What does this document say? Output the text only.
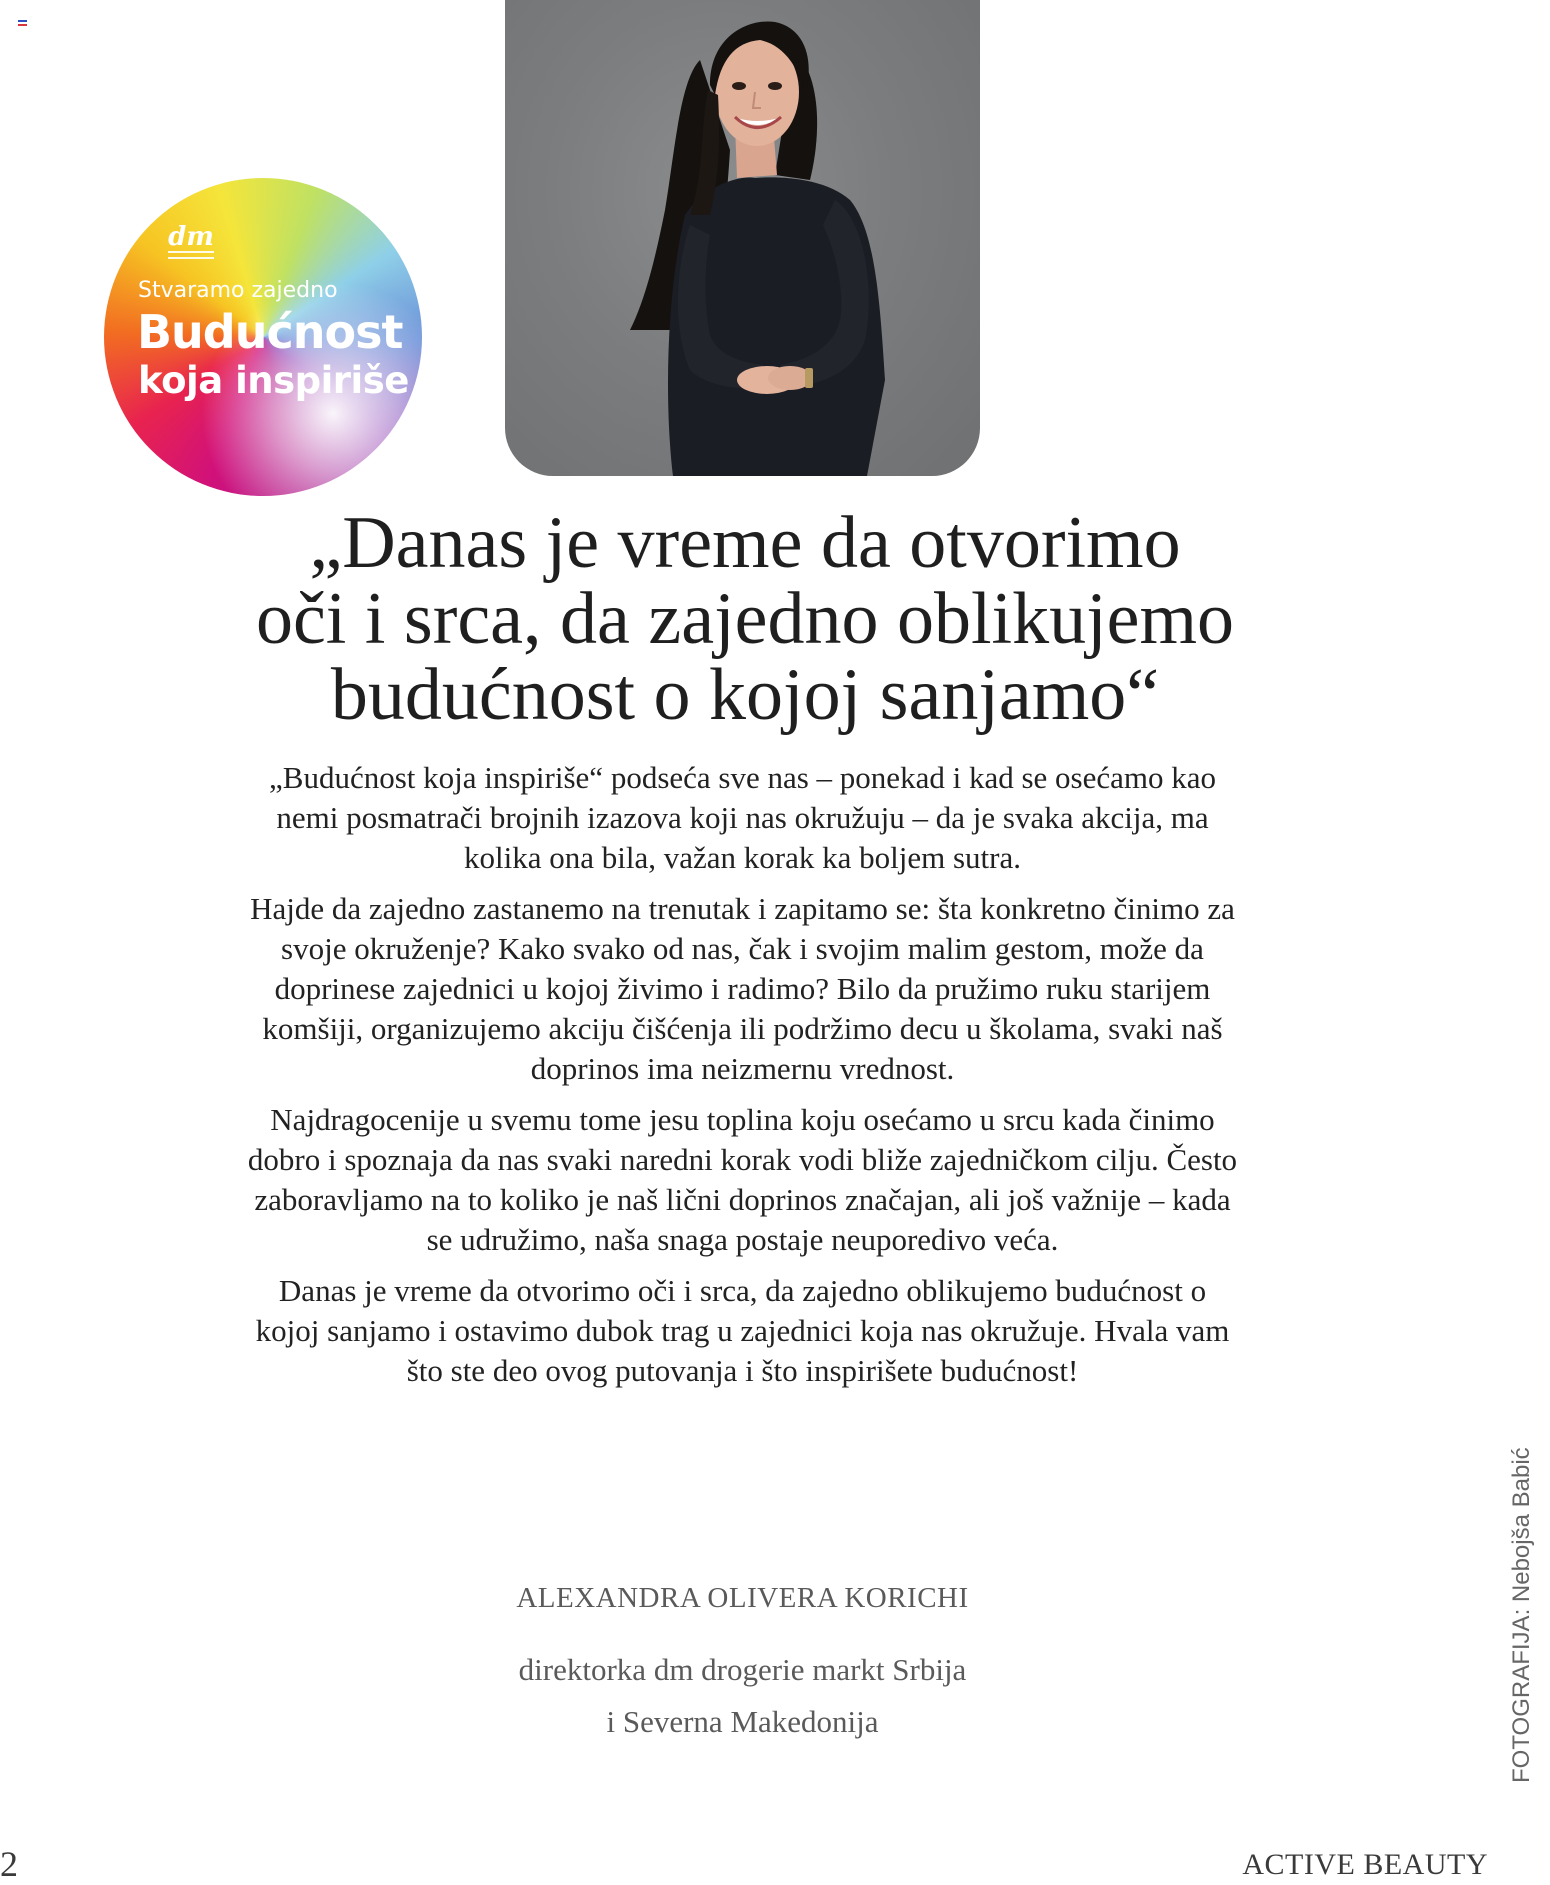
dm
Stvaramo zajedno
Budućnost
koja inspiriše
„Danas je vreme da otvorimo
oči i srca, da zajedno oblikujemo
budućnost o kojoj sanjamo“

„Budućnost koja inspiriše“ podseća sve nas – ponekad i kad se osećamo kao nemi posmatrači brojnih izazova koji nas okružuju – da je svaka akcija, ma kolika ona bila, važan korak ka boljem sutra.

Hajde da zajedno zastanemo na trenutak i zapitamo se: šta konkretno činimo za svoje okruženje? Kako svako od nas, čak i svojim malim gestom, može da doprinese zajednici u kojoj živimo i radimo? Bilo da pružimo ruku starijem komšiji, organizujemo akciju čišćenja ili podržimo decu u školama, svaki naš doprinos ima neizmernu vrednost.

Najdragocenije u svemu tome jesu toplina koju osećamo u srcu kada činimo dobro i spoznaja da nas svaki naredni korak vodi bliže zajedničkom cilju. Često zaboravljamo na to koliko je naš lični doprinos značajan, ali još važnije – kada se udružimo, naša snaga postaje neuporedivo veća.

Danas je vreme da otvorimo oči i srca, da zajedno oblikujemo budućnost o kojoj sanjamo i ostavimo dubok trag u zajednici koja nas okružuje. Hvala vam što ste deo ovog putovanja i što inspirišete budućnost!

ALEXANDRA OLIVERA KORICHI
direktorka dm drogerie markt Srbija
i Severna Makedonija	FOTOGRAFIJA: Nebojša Babić
2	ACTIVE BEAUTY
